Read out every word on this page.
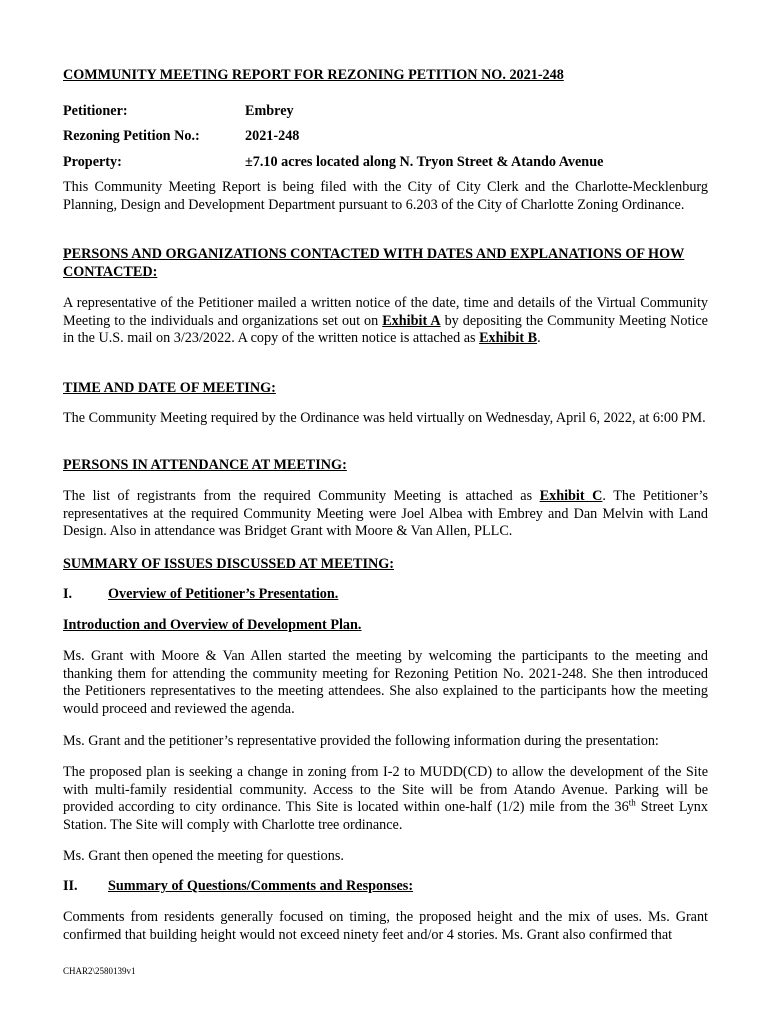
COMMUNITY MEETING REPORT FOR REZONING PETITION NO. 2021-248
Petitioner:	Embrey
Rezoning Petition No.:	2021-248
Property:	±7.10 acres located along N. Tryon Street & Atando Avenue
This Community Meeting Report is being filed with the City of City Clerk and the Charlotte-Mecklenburg Planning, Design and Development Department pursuant to 6.203 of the City of Charlotte Zoning Ordinance.
PERSONS AND ORGANIZATIONS CONTACTED WITH DATES AND EXPLANATIONS OF HOW CONTACTED:
A representative of the Petitioner mailed a written notice of the date, time and details of the Virtual Community Meeting to the individuals and organizations set out on Exhibit A by depositing the Community Meeting Notice in the U.S. mail on 3/23/2022. A copy of the written notice is attached as Exhibit B.
TIME AND DATE OF MEETING:
The Community Meeting required by the Ordinance was held virtually on Wednesday, April 6, 2022, at 6:00 PM.
PERSONS IN ATTENDANCE AT MEETING:
The list of registrants from the required Community Meeting is attached as Exhibit C. The Petitioner’s representatives at the required Community Meeting were Joel Albea with Embrey and Dan Melvin with Land Design. Also in attendance was Bridget Grant with Moore & Van Allen, PLLC.
SUMMARY OF ISSUES DISCUSSED AT MEETING:
I.	Overview of Petitioner’s Presentation.
Introduction and Overview of Development Plan.
Ms. Grant with Moore & Van Allen started the meeting by welcoming the participants to the meeting and thanking them for attending the community meeting for Rezoning Petition No. 2021-248. She then introduced the Petitioners representatives to the meeting attendees. She also explained to the participants how the meeting would proceed and reviewed the agenda.
Ms. Grant and the petitioner’s representative provided the following information during the presentation:
The proposed plan is seeking a change in zoning from I-2 to MUDD(CD) to allow the development of the Site with multi-family residential community. Access to the Site will be from Atando Avenue. Parking will be provided according to city ordinance. This Site is located within one-half (1/2) mile from the 36th Street Lynx Station. The Site will comply with Charlotte tree ordinance.
Ms. Grant then opened the meeting for questions.
II. Summary of Questions/Comments and Responses:
Comments from residents generally focused on timing, the proposed height and the mix of uses. Ms. Grant confirmed that building height would not exceed ninety feet and/or 4 stories. Ms. Grant also confirmed that
CHAR2\2580139v1
